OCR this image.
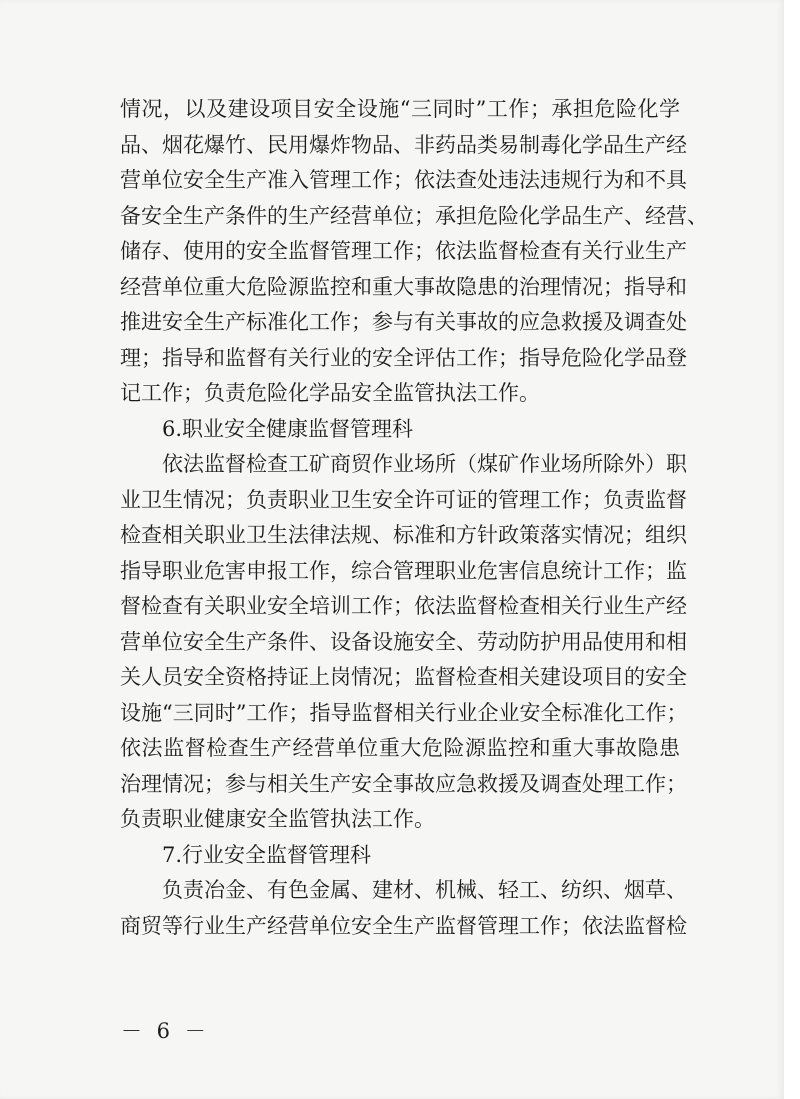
情况，以及建设项目安全设施“三同时”工作；承担危险化学
品、烟花爆竹、民用爆炸物品、非药品类易制毒化学品生产经
营单位安全生产准入管理工作；依法查处违法违规行为和不具
备安全生产条件的生产经营单位；承担危险化学品生产、经营、
储存、使用的安全监督管理工作；依法监督检查有关行业生产
经营单位重大危险源监控和重大事故隐患的治理情况；指导和
推进安全生产标准化工作；参与有关事故的应急救援及调查处
理；指导和监督有关行业的安全评估工作；指导危险化学品登
记工作；负责危险化学品安全监管执法工作。
6.职业安全健康监督管理科
依法监督检查工矿商贸作业场所（煤矿作业场所除外）职
业卫生情况；负责职业卫生安全许可证的管理工作；负责监督
检查相关职业卫生法律法规、标准和方针政策落实情况；组织
指导职业危害申报工作，综合管理职业危害信息统计工作；监
督检查有关职业安全培训工作；依法监督检查相关行业生产经
营单位安全生产条件、设备设施安全、劳动防护用品使用和相
关人员安全资格持证上岗情况；监督检查相关建设项目的安全
设施“三同时”工作；指导监督相关行业企业安全标准化工作；
依法监督检查生产经营单位重大危险源监控和重大事故隐患
治理情况；参与相关生产安全事故应急救援及调查处理工作；
负责职业健康安全监管执法工作。
7.行业安全监督管理科
负责冶金、有色金属、建材、机械、轻工、纺织、烟草、
商贸等行业生产经营单位安全生产监督管理工作；依法监督检
－ 6 －
